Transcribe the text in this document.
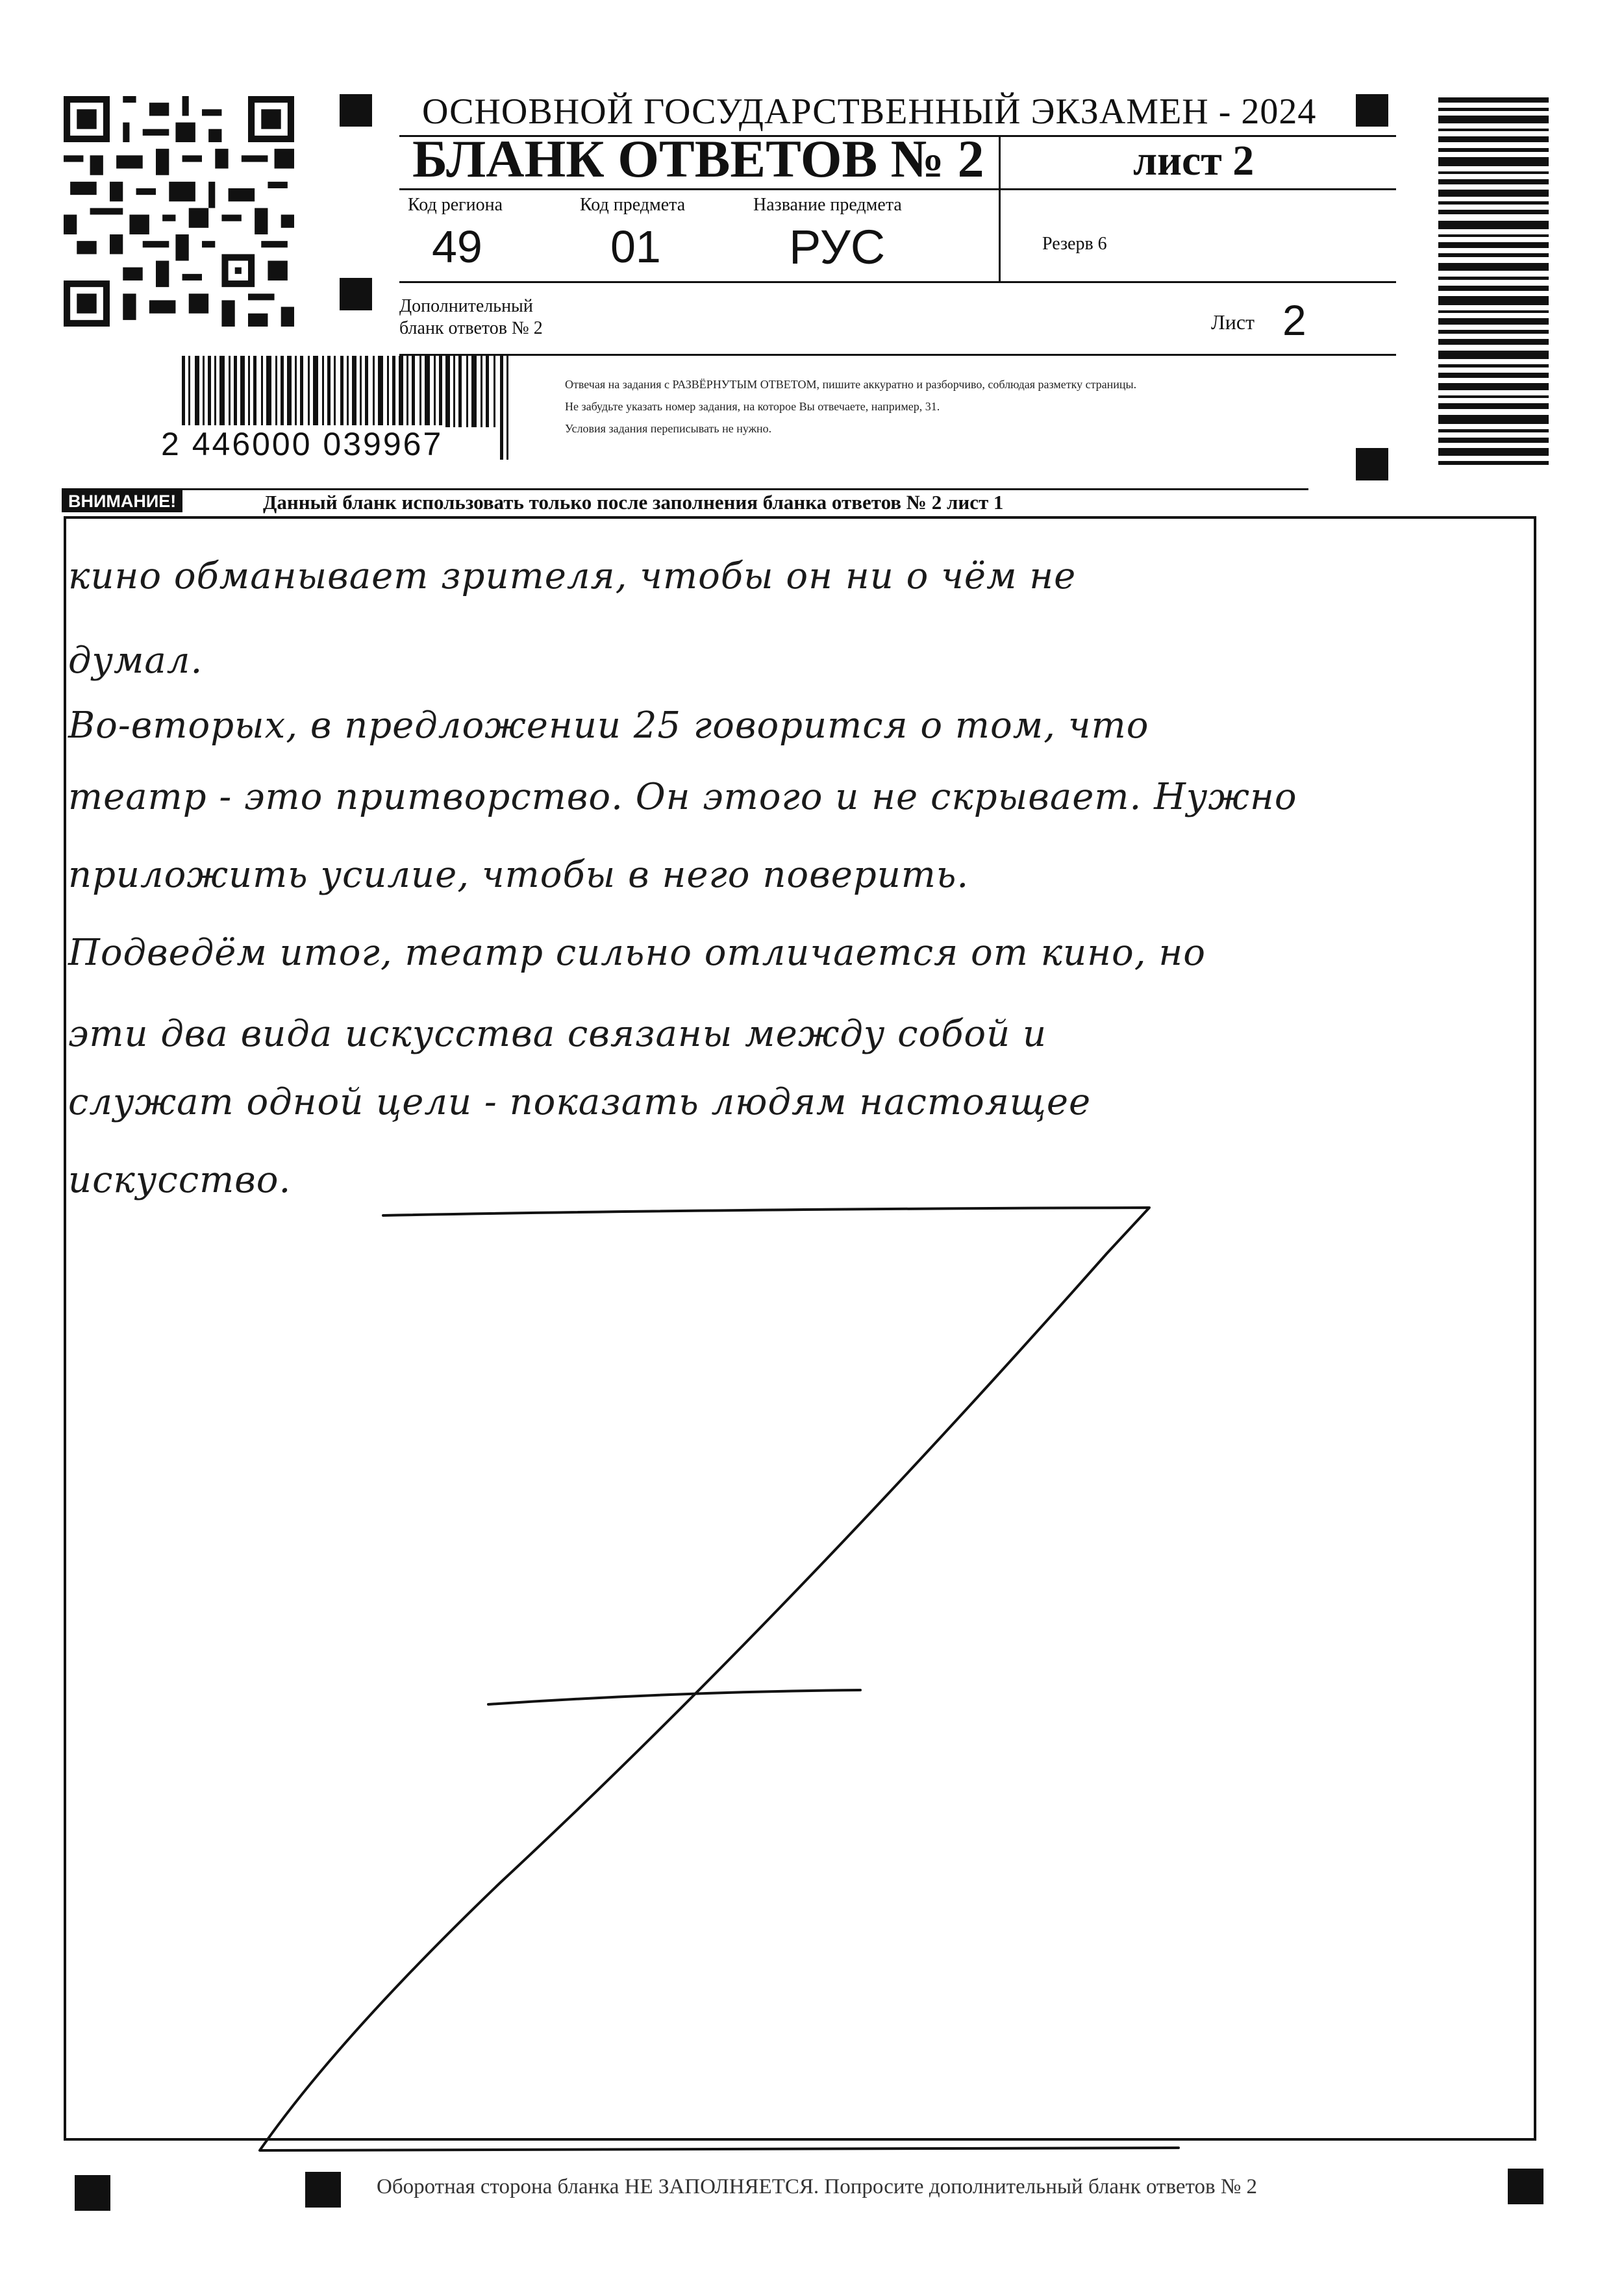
ОСНОВНОЙ ГОСУДАРСТВЕННЫЙ ЭКЗАМЕН - 2024
БЛАНК ОТВЕТОВ № 2	лист 2
Код региона
49
Код предмета
01
Название предмета
РУС	Резерв 6
Дополнительный
бланк ответов № 2	Лист 2
2 446000 039967
Отвечая на задания с РАЗВЁРНУТЫМ ОТВЕТОМ, пишите аккуратно и разборчиво, соблюдая разметку страницы.
Не забудьте указать номер задания, на которое Вы отвечаете, например, 31.
Условия задания переписывать не нужно.
ВНИМАНИЕ!	Данный бланк использовать только после заполнения бланка ответов № 2 лист 1
кино обманывает зрителя, чтобы он ни о чём не
думал.
Во-вторых, в предложении 25 говорится о том, что
театр - это притворство. Он этого и не скрывает. Нужно
приложить усилие, чтобы в него поверить.
Подведём итог, театр сильно отличается от кино, но
эти два вида искусства связаны между собой и
служат одной цели - показать людям настоящее
искусство.
Оборотная сторона бланка НЕ ЗАПОЛНЯЕТСЯ. Попросите дополнительный бланк ответов № 2
